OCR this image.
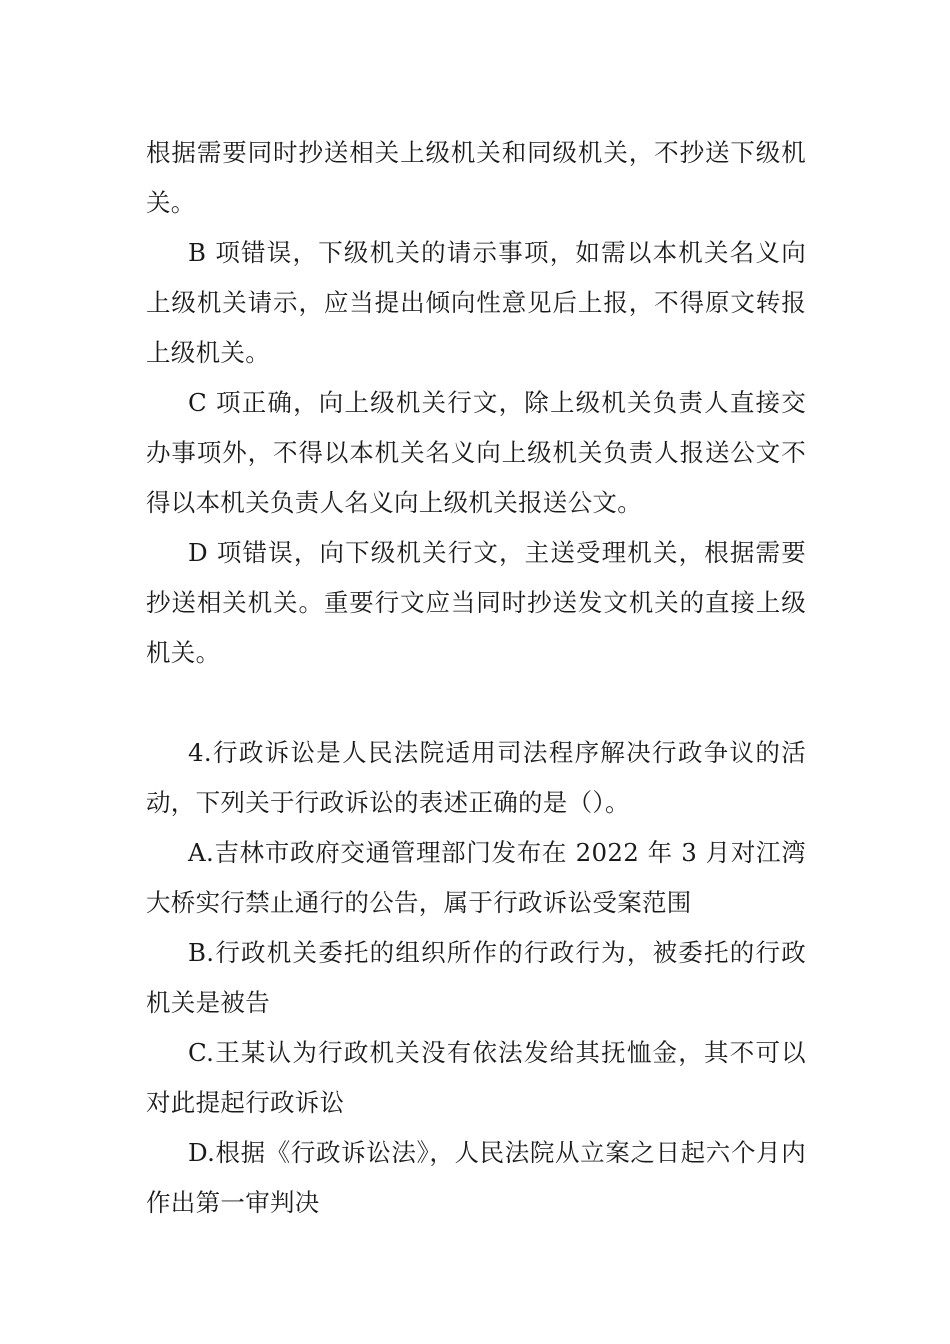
根据需要同时抄送相关上级机关和同级机关，不抄送下级机关。

B 项错误，下级机关的请示事项，如需以本机关名义向上级机关请示，应当提出倾向性意见后上报，不得原文转报上级机关。

C 项正确，向上级机关行文，除上级机关负责人直接交办事项外，不得以本机关名义向上级机关负责人报送公文不得以本机关负责人名义向上级机关报送公文。

D 项错误，向下级机关行文，主送受理机关，根据需要抄送相关机关。重要行文应当同时抄送发文机关的直接上级机关。

4.行政诉讼是人民法院适用司法程序解决行政争议的活动，下列关于行政诉讼的表述正确的是（）。

A.吉林市政府交通管理部门发布在 2022 年 3 月对江湾大桥实行禁止通行的公告，属于行政诉讼受案范围

B.行政机关委托的组织所作的行政行为，被委托的行政机关是被告

C.王某认为行政机关没有依法发给其抚恤金，其不可以对此提起行政诉讼

D.根据《行政诉讼法》，人民法院从立案之日起六个月内作出第一审判决
